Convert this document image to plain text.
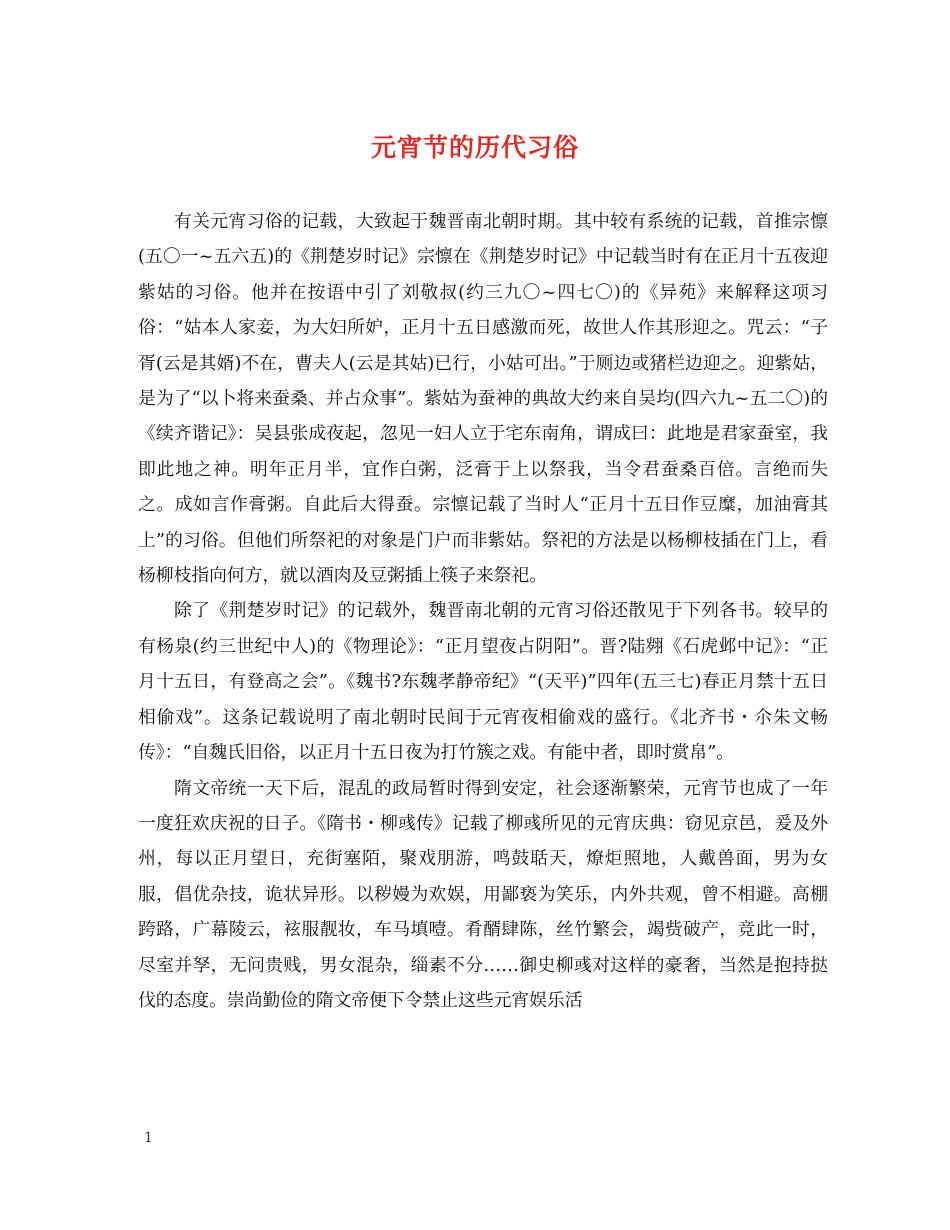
元宵节的历代习俗

有关元宵习俗的记载，大致起于魏晋南北朝时期。其中较有系统的记载，首推宗懔(五〇一~五六五)的《荆楚岁时记》宗懔在《荆楚岁时记》中记载当时有在正月十五夜迎紫姑的习俗。他并在按语中引了刘敬叔(约三九〇~四七〇)的《异苑》来解释这项习俗：“姑本人家妾，为大妇所妒，正月十五日感激而死，故世人作其形迎之。咒云：“子胥(云是其婿)不在，曹夫人(云是其姑)已行，小姑可出。”于厕边或猪栏边迎之。迎紫姑，是为了“以卜将来蚕桑、并占众事”。紫姑为蚕神的典故大约来自吴均(四六九~五二〇)的《续齐谐记》：吴县张成夜起，忽见一妇人立于宅东南角，谓成曰：此地是君家蚕室，我即此地之神。明年正月半，宜作白粥，泛膏于上以祭我，当令君蚕桑百倍。言绝而失之。成如言作膏粥。自此后大得蚕。宗懔记载了当时人“正月十五日作豆糜，加油膏其上”的习俗。但他们所祭祀的对象是门户而非紫姑。祭祀的方法是以杨柳枝插在门上，看杨柳枝指向何方，就以酒肉及豆粥插上筷子来祭祀。

除了《荆楚岁时记》的记载外，魏晋南北朝的元宵习俗还散见于下列各书。较早的有杨泉(约三世纪中人)的《物理论》：“正月望夜占阴阳”。晋?陆翙《石虎邺中记》：“正月十五日，有登高之会”。《魏书?东魏孝静帝纪》“(天平)”四年(五三七)春正月禁十五日相偷戏”。这条记载说明了南北朝时民间于元宵夜相偷戏的盛行。《北齐书・尒朱文畅传》：“自魏氏旧俗，以正月十五日夜为打竹簇之戏。有能中者，即时赏帛”。

隋文帝统一天下后，混乱的政局暂时得到安定，社会逐渐繁荣，元宵节也成了一年一度狂欢庆祝的日子。《隋书・柳彧传》记载了柳彧所见的元宵庆典：窃见京邑，爰及外州，每以正月望日，充街塞陌，聚戏朋游，鸣鼓聒天，燎炬照地，人戴兽面，男为女服，倡优杂技，诡状异形。以秽嫚为欢娱，用鄙亵为笑乐，内外共观，曾不相避。高棚跨路，广幕陵云，袨服靓妆，车马填噎。肴醑肆陈，丝竹繁会，竭赀破产，竞此一时，尽室并孥，无问贵贱，男女混杂，缁素不分……御史柳彧对这样的豪奢，当然是抱持挞伐的态度。崇尚勤俭的隋文帝便下令禁止这些元宵娱乐活

1
